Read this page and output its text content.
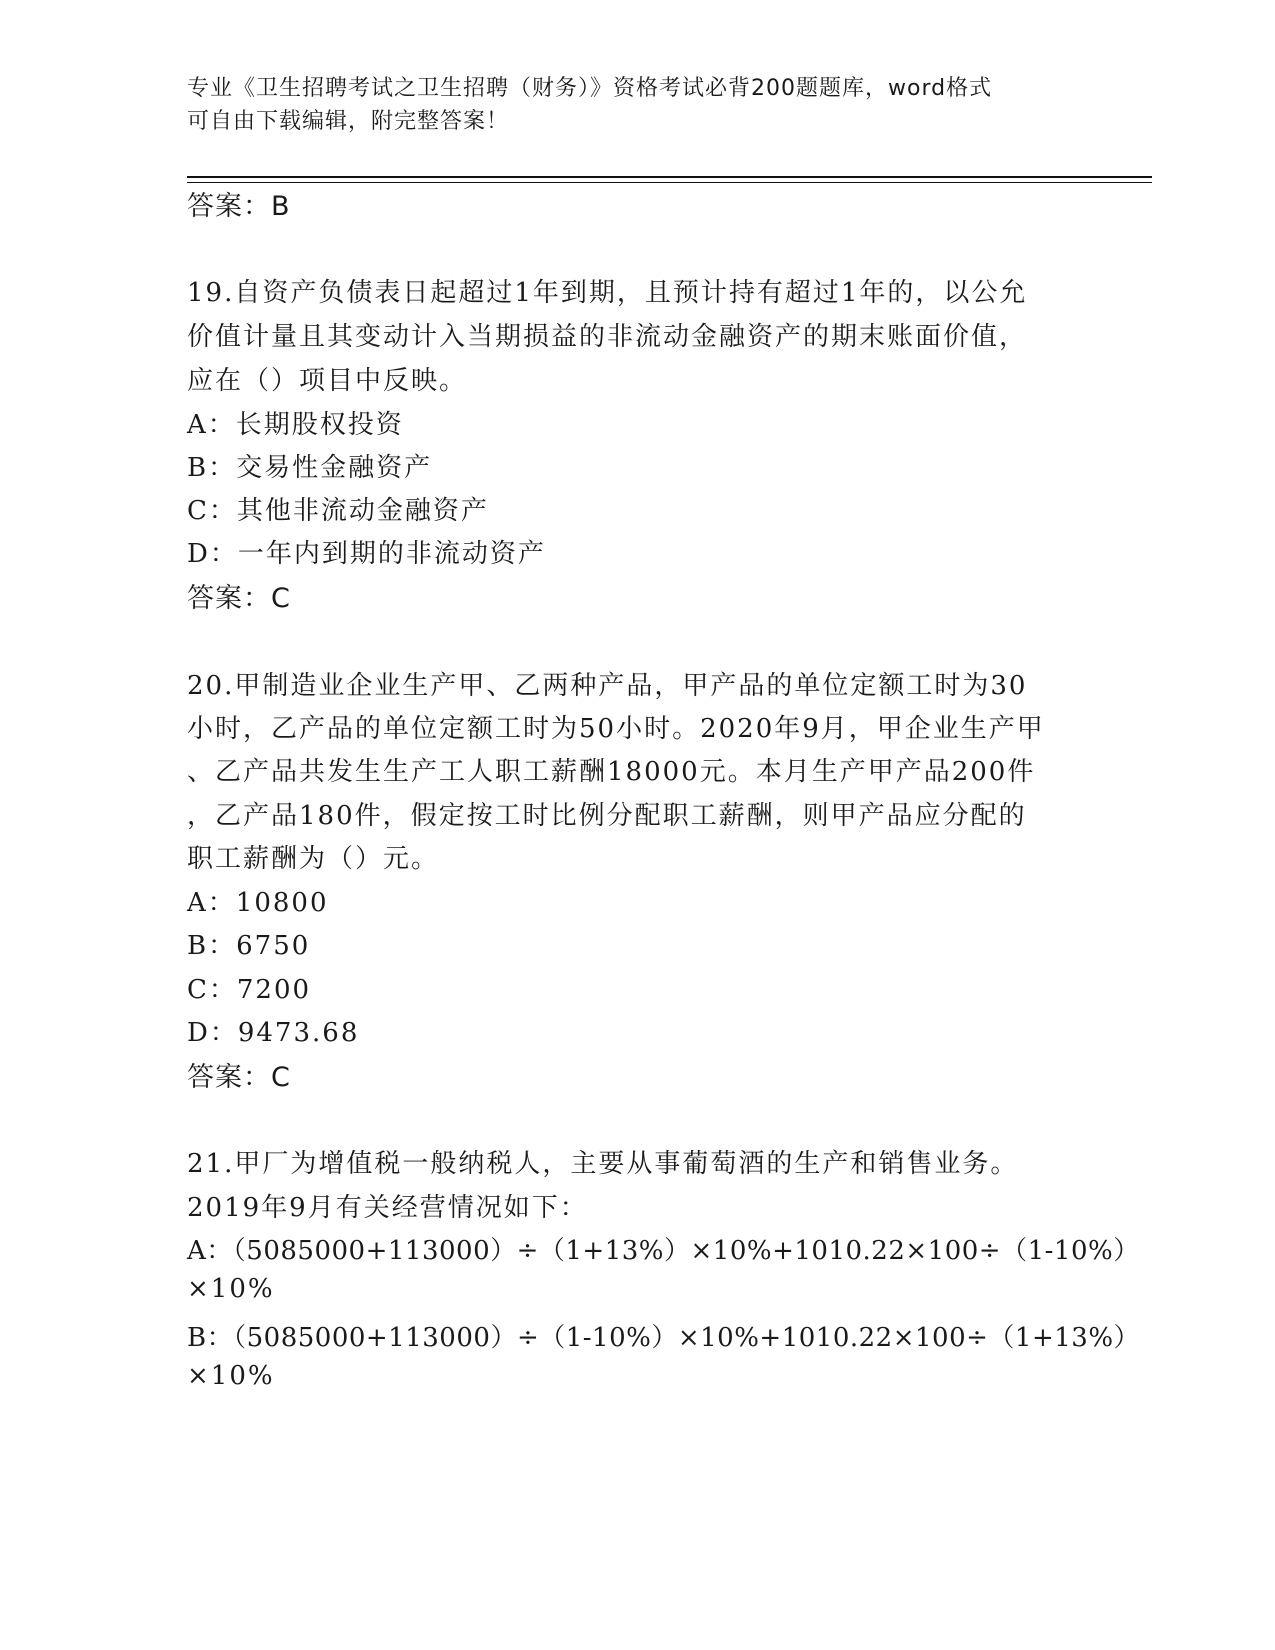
专业《卫生招聘考试之卫生招聘（财务）》资格考试必背200题题库，word格式
可自由下载编辑，附完整答案！
答案：B
19.自资产负债表日起超过1年到期，且预计持有超过1年的，以公允
价值计量且其变动计入当期损益的非流动金融资产的期末账面价值，
应在（）项目中反映。
A：长期股权投资
B：交易性金融资产
C：其他非流动金融资产
D：一年内到期的非流动资产
答案：C
20.甲制造业企业生产甲、乙两种产品，甲产品的单位定额工时为30
小时，乙产品的单位定额工时为50小时。2020年9月，甲企业生产甲
、乙产品共发生生产工人职工薪酬18000元。本月生产甲产品200件
，乙产品180件，假定按工时比例分配职工薪酬，则甲产品应分配的
职工薪酬为（）元。
A：10800
B：6750
C：7200
D：9473.68
答案：C
21.甲厂为增值税一般纳税人，主要从事葡萄酒的生产和销售业务。
2019年9月有关经营情况如下：
A：（5085000+113000）÷（1+13%）×10%+1010.22×100÷（1-10%）
×10%
B：（5085000+113000）÷（1-10%）×10%+1010.22×100÷（1+13%）
×10%
